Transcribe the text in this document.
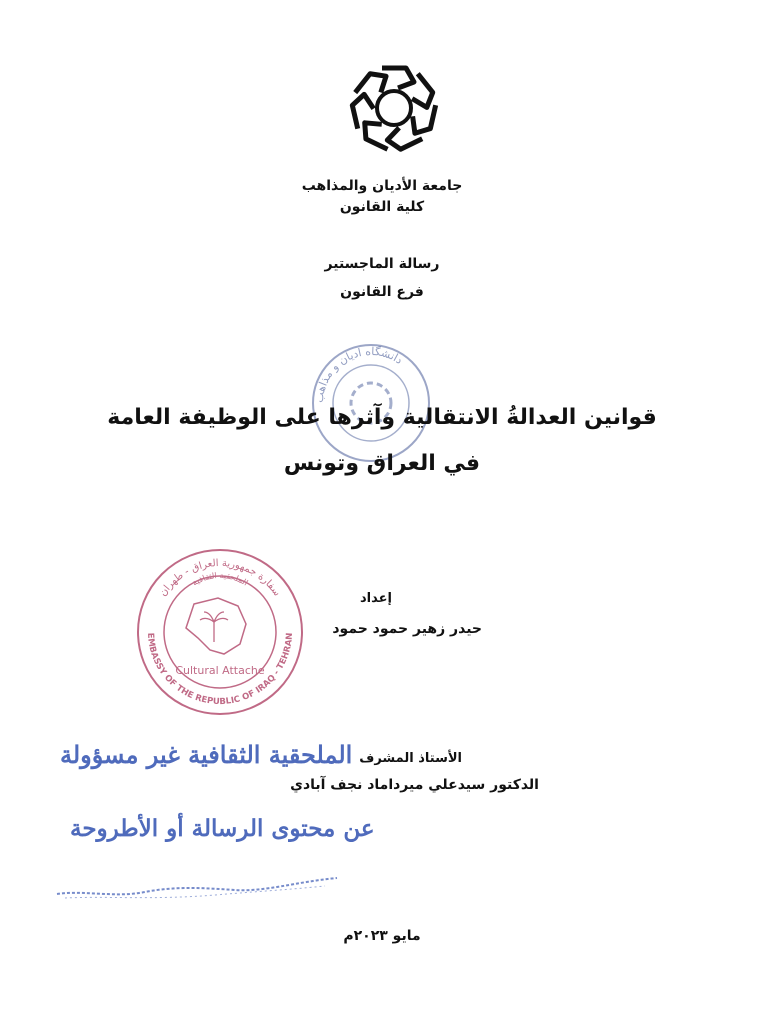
جامعة الأديان والمذاهب
كلية القانون
رسالة الماجستير
فرع القانون
دانشگاه ادیان و مذاهب
قوانين العدالةُ الانتقالية وآثرها على الوظيفة العامة
في العراق وتونس
سفارة جمهورية العراق - طهران
الملحقية الثقافية
EMBASSY OF THE REPUBLIC OF IRAQ - TEHRAN
Cultural Attache
إعداد
حيدر زهير حمود حمود
الأستاذ المشرف
الدكتور سيدعلي ميرداماد نجف آبادي
الملحقية الثقافية غير مسؤولة
عن محتوى الرسالة أو الأطروحة
مايو ٢٠٢٣م
